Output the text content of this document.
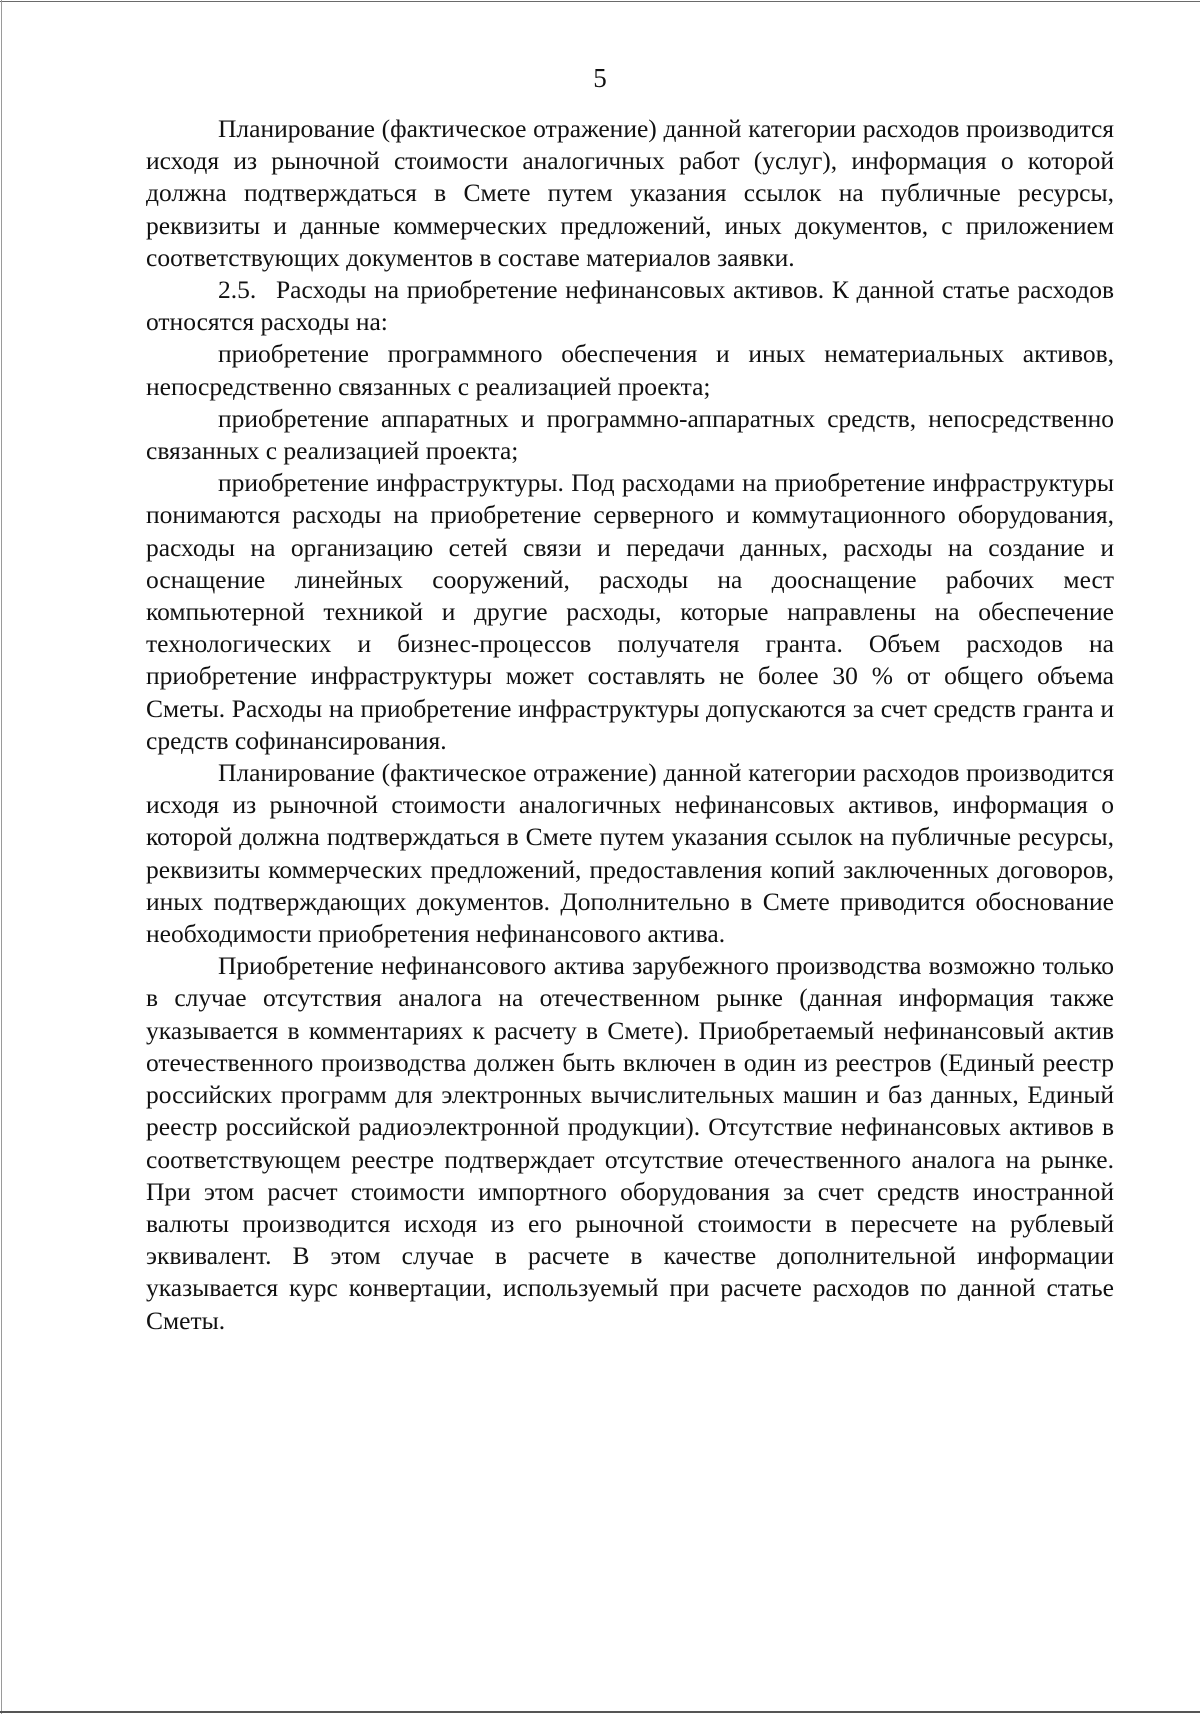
5

Планирование (фактическое отражение) данной категории расходов производится исходя из рыночной стоимости аналогичных работ (услуг), информация о которой должна подтверждаться в Смете путем указания ссылок на публичные ресурсы, реквизиты и данные коммерческих предложений, иных документов, с приложением соответствующих документов в составе материалов заявки.

2.5. Расходы на приобретение нефинансовых активов. К данной статье расходов относятся расходы на:

приобретение программного обеспечения и иных нематериальных активов, непосредственно связанных с реализацией проекта;

приобретение аппаратных и программно-аппаратных средств, непосредственно связанных с реализацией проекта;

приобретение инфраструктуры. Под расходами на приобретение инфраструктуры понимаются расходы на приобретение серверного и коммутационного оборудования, расходы на организацию сетей связи и передачи данных, расходы на создание и оснащение линейных сооружений, расходы на дооснащение рабочих мест компьютерной техникой и другие расходы, которые направлены на обеспечение технологических и бизнес-процессов получателя гранта. Объем расходов на приобретение инфраструктуры может составлять не более 30 % от общего объема Сметы. Расходы на приобретение инфраструктуры допускаются за счет средств гранта и средств софинансирования.

Планирование (фактическое отражение) данной категории расходов производится исходя из рыночной стоимости аналогичных нефинансовых активов, информация о которой должна подтверждаться в Смете путем указания ссылок на публичные ресурсы, реквизиты коммерческих предложений, предоставления копий заключенных договоров, иных подтверждающих документов. Дополнительно в Смете приводится обоснование необходимости приобретения нефинансового актива.

Приобретение нефинансового актива зарубежного производства возможно только в случае отсутствия аналога на отечественном рынке (данная информация также указывается в комментариях к расчету в Смете). Приобретаемый нефинансовый актив отечественного производства должен быть включен в один из реестров (Единый реестр российских программ для электронных вычислительных машин и баз данных, Единый реестр российской радиоэлектронной продукции). Отсутствие нефинансовых активов в соответствующем реестре подтверждает отсутствие отечественного аналога на рынке. При этом расчет стоимости импортного оборудования за счет средств иностранной валюты производится исходя из его рыночной стоимости в пересчете на рублевый эквивалент. В этом случае в расчете в качестве дополнительной информации указывается курс конвертации, используемый при расчете расходов по данной статье Сметы.
